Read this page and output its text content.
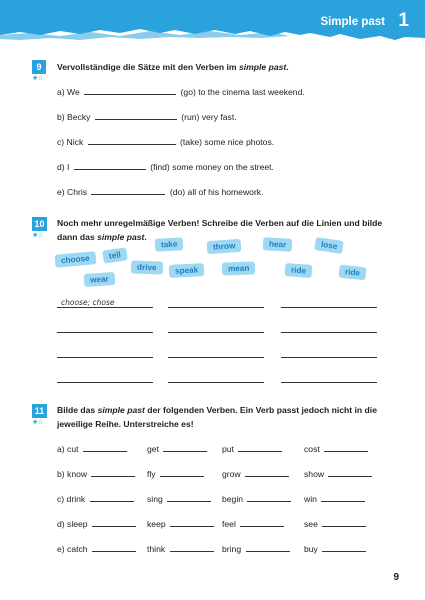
Simple past 1
9
★☆
Vervollständige die Sätze mit den Verben im simple past.
a) We	(go) to the cinema last weekend.
b) Becky	(run) very fast.
c) Nick	(take) some nice photos.
d) I	(find) some money on the street.
e) Chris	(do) all of his homework.
10
★☆
Noch mehr unregelmäßige Verben! Schreibe die Verben auf die Linien und bilde
dann das simple past.
choose	tell
take	throw	hear	lose
wear
drive	speak	mean	ride	ride
choose; chose
11
★☆
Bilde das simple past der folgenden Verben. Ein Verb passt jedoch nicht in die
jeweilige Reihe. Unterstreiche es!
a) cut	get	put	cost
b) know	fly	grow	show
c) drink	sing	begin	win
d) sleep	keep	feel	see
e) catch	think	bring	buy
9
